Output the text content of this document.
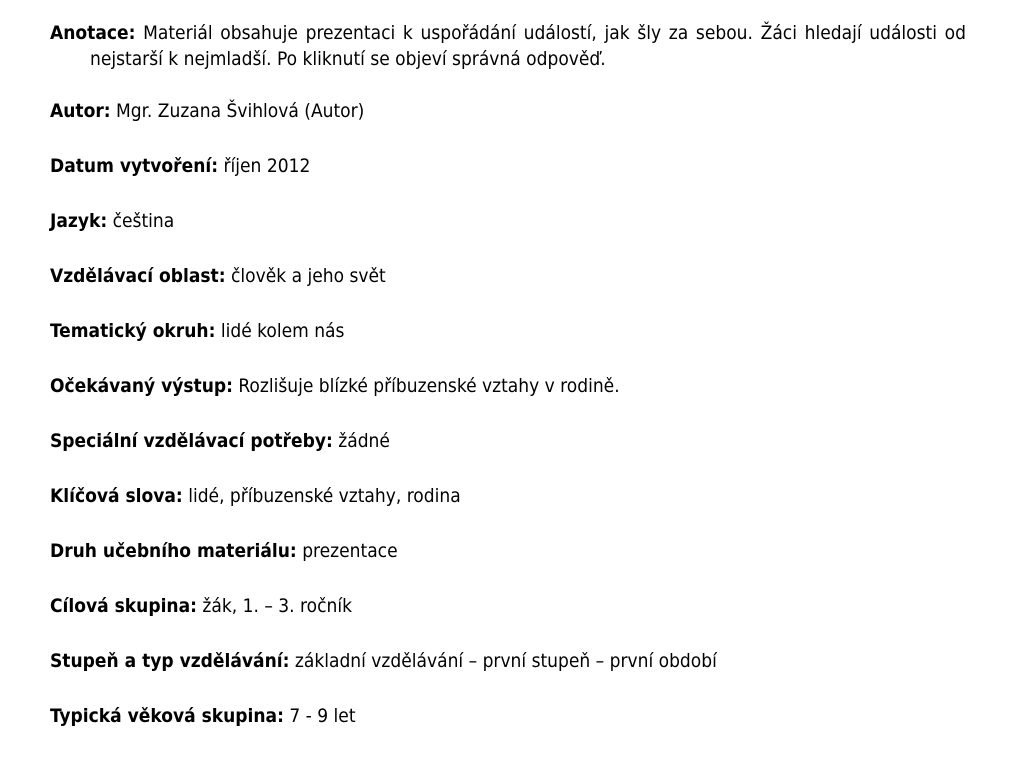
Anotace: Materiál obsahuje prezentaci k uspořádání událostí, jak šly za sebou. Žáci hledají události od nejstarší k nejmladší. Po kliknutí se objeví správná odpověď.

Autor: Mgr. Zuzana Švihlová (Autor)

Datum vytvoření: říjen 2012

Jazyk: čeština

Vzdělávací oblast: člověk a jeho svět

Tematický okruh: lidé kolem nás

Očekávaný výstup: Rozlišuje blízké příbuzenské vztahy v rodině.

Speciální vzdělávací potřeby: žádné

Klíčová slova: lidé, příbuzenské vztahy, rodina

Druh učebního materiálu: prezentace

Cílová skupina: žák, 1. – 3. ročník

Stupeň a typ vzdělávání: základní vzdělávání – první stupeň – první období

Typická věková skupina: 7 - 9 let
